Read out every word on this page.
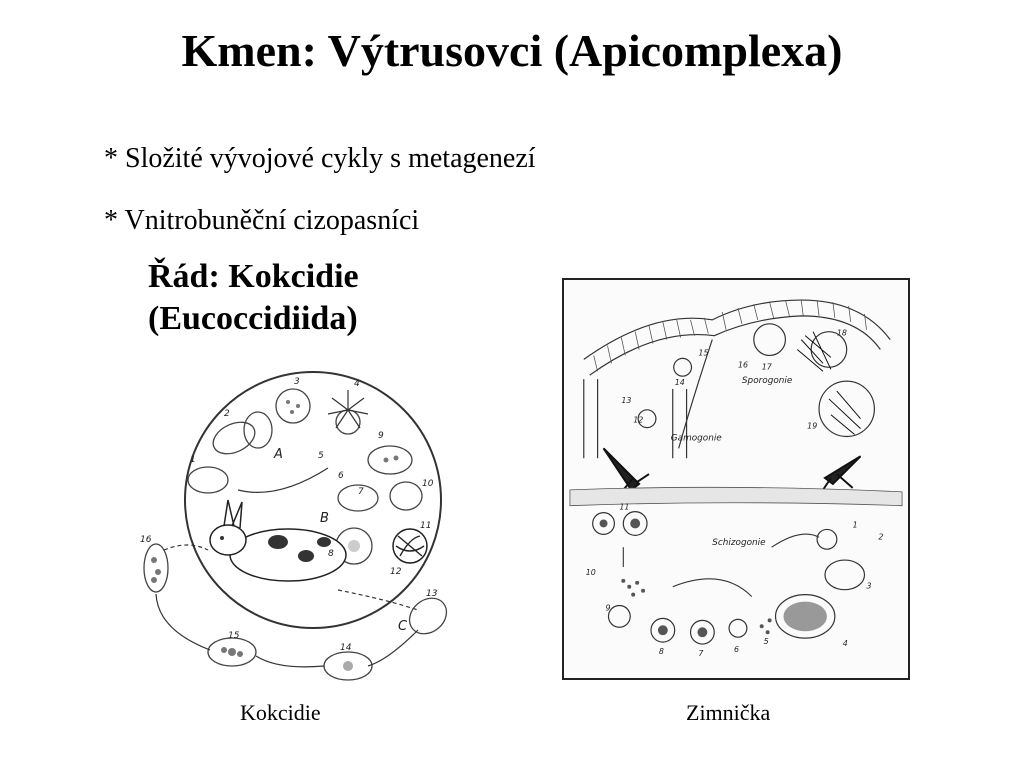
Kmen: Výtrusovci (Apicomplexa)
* Složité vývojové cykly s metagenezí
* Vnitrobuněční cizopasníci
Řád: Kokcidie
(Eucoccidiida)
1
2
3	4
5
6
7
8
9
10
11
12
13
14
15
16
A
B
C
Sporogonie
Gamogonie
Schizogonie
1
2
3
4
5
6
7
8
9
10
11
12
13
14
15
16 17
18
19
Kokcidie	Zimnička
